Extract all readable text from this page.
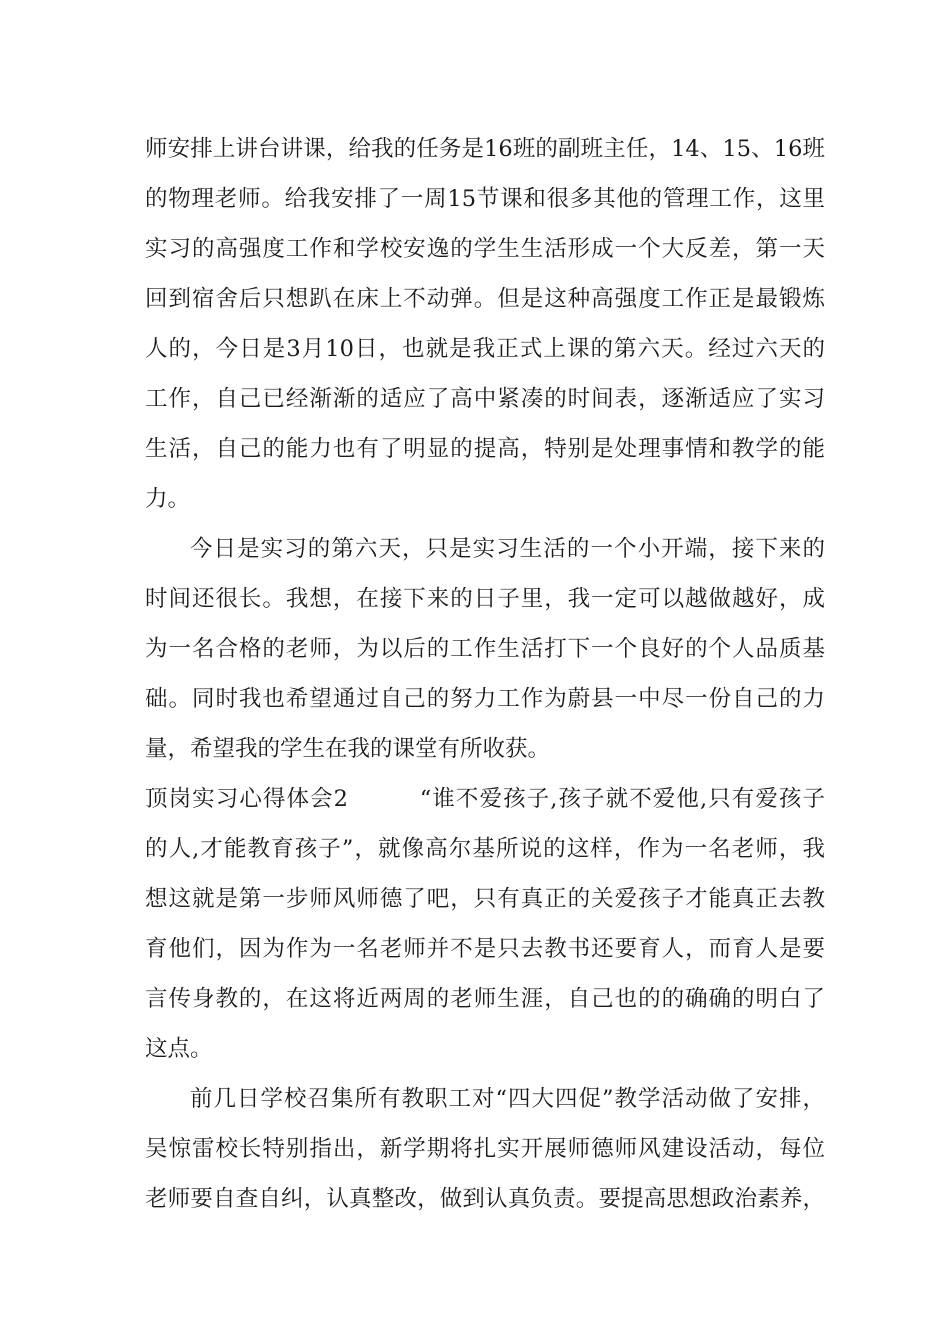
师安排上讲台讲课，给我的任务是16班的副班主任，14、15、16班

的物理老师。给我安排了一周15节课和很多其他的管理工作，这里

实习的高强度工作和学校安逸的学生生活形成一个大反差，第一天

回到宿舍后只想趴在床上不动弹。但是这种高强度工作正是最锻炼

人的，今日是3月10日，也就是我正式上课的第六天。经过六天的

工作，自己已经渐渐的适应了高中紧凑的时间表，逐渐适应了实习

生活，自己的能力也有了明显的提高，特别是处理事情和教学的能

力。

今日是实习的第六天，只是实习生活的一个小开端，接下来的

时间还很长。我想，在接下来的日子里，我一定可以越做越好，成

为一名合格的老师，为以后的工作生活打下一个良好的个人品质基

础。同时我也希望通过自己的努力工作为蔚县一中尽一份自己的力

量，希望我的学生在我的课堂有所收获。

顶岗实习心得体会2　　　“谁不爱孩子,孩子就不爱他,只有爱孩子

的人,才能教育孩子”，就像高尔基所说的这样，作为一名老师，我

想这就是第一步师风师德了吧，只有真正的关爱孩子才能真正去教

育他们，因为作为一名老师并不是只去教书还要育人，而育人是要

言传身教的，在这将近两周的老师生涯，自己也的的确确的明白了

这点。

前几日学校召集所有教职工对“四大四促”教学活动做了安排，

吴惊雷校长特别指出，新学期将扎实开展师德师风建设活动，每位

老师要自查自纠，认真整改，做到认真负责。要提高思想政治素养，
